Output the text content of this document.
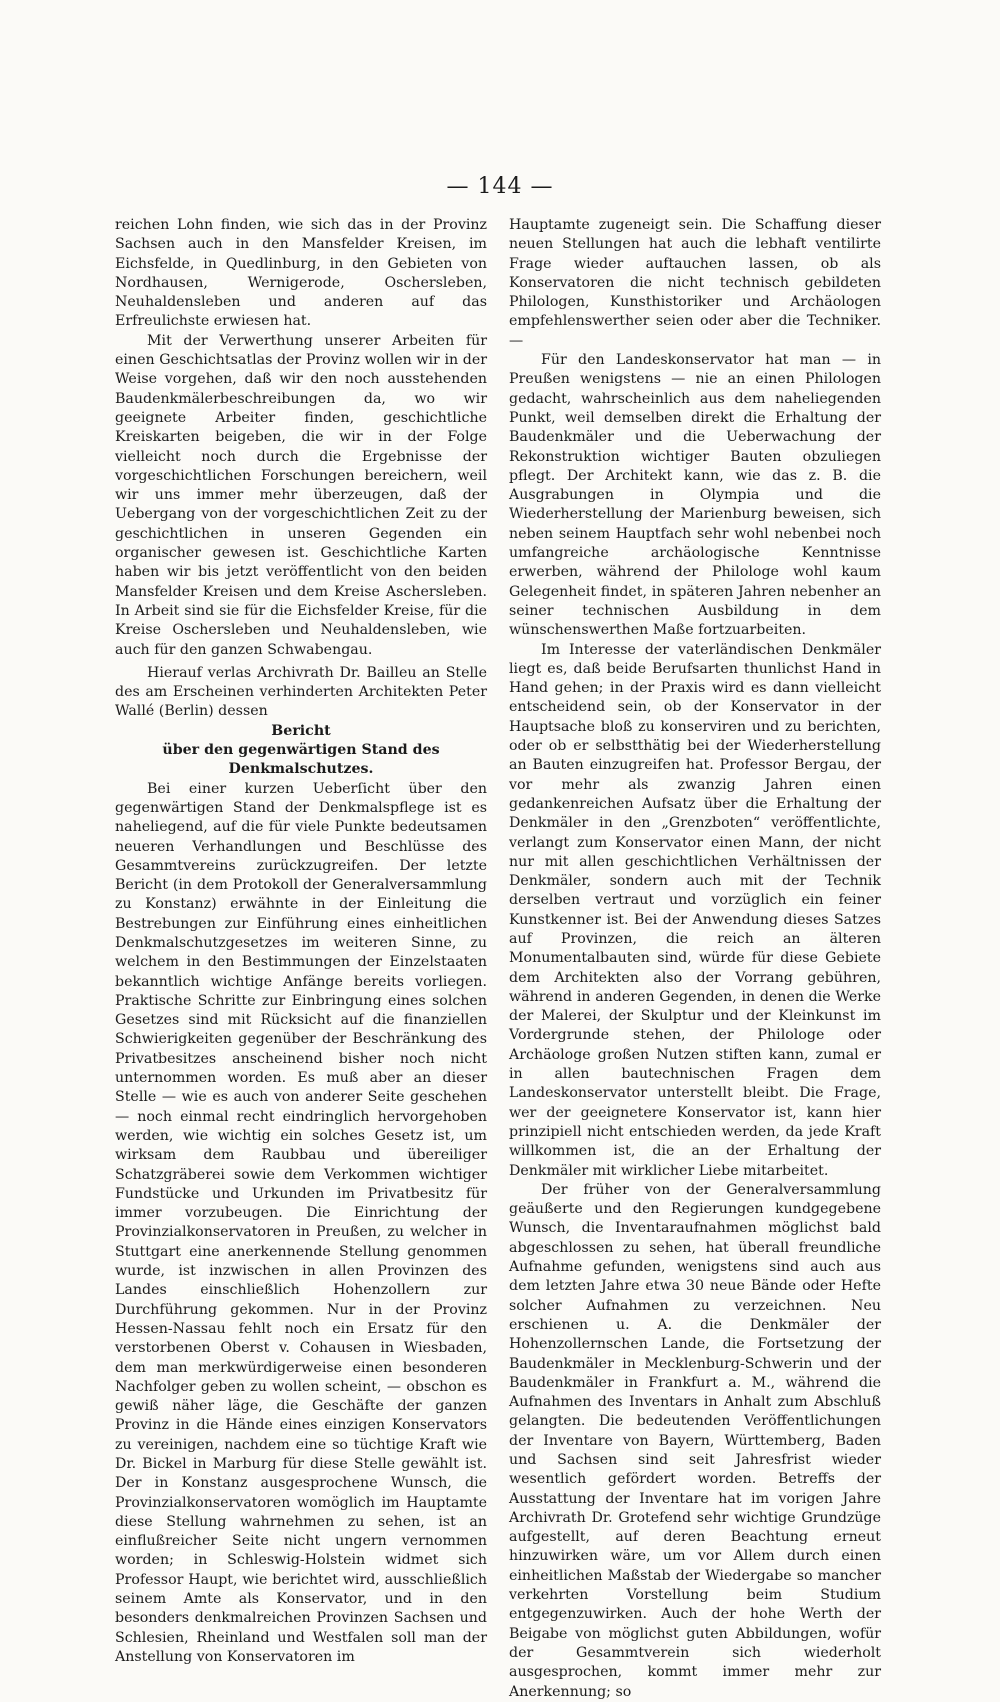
— 144 —

reichen Lohn finden, wie sich das in der Provinz Sachsen auch in den Mansfelder Kreisen, im Eichsfelde, in Quedlinburg, in den Gebieten von Nordhausen, Wernigerode, Oschersleben, Neuhaldensleben und anderen auf das Erfreulichste erwiesen hat.

Mit der Verwerthung unserer Arbeiten für einen Geschichtsatlas der Provinz wollen wir in der Weise vorgehen, daß wir den noch ausstehenden Baudenkmälerbeschreibungen da, wo wir geeignete Arbeiter finden, geschichtliche Kreiskarten beigeben, die wir in der Folge vielleicht noch durch die Ergebnisse der vorgeschichtlichen Forschungen bereichern, weil wir uns immer mehr überzeugen, daß der Uebergang von der vorgeschichtlichen Zeit zu der geschichtlichen in unseren Gegenden ein organischer gewesen ist. Geschichtliche Karten haben wir bis jetzt veröffentlicht von den beiden Mansfelder Kreisen und dem Kreise Aschersleben. In Arbeit sind sie für die Eichsfelder Kreise, für die Kreise Oschersleben und Neuhaldensleben, wie auch für den ganzen Schwabengau.

Hierauf verlas Archivrath Dr. Bailleu an Stelle des am Erscheinen verhinderten Architekten Peter Wallé (Berlin) dessen

Bericht

über den gegenwärtigen Stand des Denkmalschutzes.

Bei einer kurzen Ueberſicht über den gegenwärtigen Stand der Denkmalspflege ist es naheliegend, auf die für viele Punkte bedeutsamen neueren Verhandlungen und Beschlüsse des Gesammtvereins zurückzugreifen. Der letzte Bericht (in dem Protokoll der Generalversammlung zu Konstanz) erwähnte in der Einleitung die Bestrebungen zur Einführung eines einheitlichen Denkmalschutzgesetzes im weiteren Sinne, zu welchem in den Bestimmungen der Einzelstaaten bekanntlich wichtige Anfänge bereits vorliegen. Praktische Schritte zur Einbringung eines solchen Gesetzes sind mit Rücksicht auf die finanziellen Schwierigkeiten gegenüber der Beschränkung des Privatbesitzes anscheinend bisher noch nicht unternommen worden. Es muß aber an dieser Stelle — wie es auch von anderer Seite geschehen — noch einmal recht eindringlich hervorgehoben werden, wie wichtig ein solches Gesetz ist, um wirksam dem Raubbau und übereiliger Schatzgräberei sowie dem Verkommen wichtiger Fundstücke und Urkunden im Privatbesitz für immer vorzubeugen. Die Einrichtung der Provinzialkonservatoren in Preußen, zu welcher in Stuttgart eine anerkennende Stellung genommen wurde, ist inzwischen in allen Provinzen des Landes einschließlich Hohenzollern zur Durchführung gekommen. Nur in der Provinz Hessen-Nassau fehlt noch ein Ersatz für den verstorbenen Oberst v. Cohausen in Wiesbaden, dem man merkwürdigerweise einen besonderen Nachfolger geben zu wollen scheint, — obschon es gewiß näher läge, die Geschäfte der ganzen Provinz in die Hände eines einzigen Konservators zu vereinigen, nachdem eine so tüchtige Kraft wie Dr. Bickel in Marburg für diese Stelle gewählt ist. Der in Konstanz ausgesprochene Wunsch, die Provinzialkonservatoren womöglich im Hauptamte diese Stellung wahrnehmen zu sehen, ist an einflußreicher Seite nicht ungern vernommen worden; in Schleswig-Holstein widmet sich Professor Haupt, wie berichtet wird, ausschließlich seinem Amte als Konservator, und in den besonders denkmalreichen Provinzen Sachsen und Schlesien, Rheinland und Westfalen soll man der Anstellung von Konservatoren im

Hauptamte zugeneigt sein. Die Schaffung dieser neuen Stellungen hat auch die lebhaft ventilirte Frage wieder auftauchen lassen, ob als Konservatoren die nicht technisch gebildeten Philologen, Kunsthistoriker und Archäologen empfehlenswerther seien oder aber die Techniker. —

Für den Landeskonservator hat man — in Preußen wenigstens — nie an einen Philologen gedacht, wahrscheinlich aus dem naheliegenden Punkt, weil demselben direkt die Erhaltung der Baudenkmäler und die Ueberwachung der Rekonstruktion wichtiger Bauten obzuliegen pflegt. Der Architekt kann, wie das z. B. die Ausgrabungen in Olympia und die Wiederherstellung der Marienburg beweisen, sich neben seinem Hauptfach sehr wohl nebenbei noch umfangreiche archäologische Kenntnisse erwerben, während der Philologe wohl kaum Gelegenheit findet, in späteren Jahren nebenher an seiner technischen Ausbildung in dem wünschenswerthen Maße fortzuarbeiten.

Im Interesse der vaterländischen Denkmäler liegt es, daß beide Berufsarten thunlichst Hand in Hand gehen; in der Praxis wird es dann vielleicht entscheidend sein, ob der Konservator in der Hauptsache bloß zu konserviren und zu berichten, oder ob er selbstthätig bei der Wiederherstellung an Bauten einzugreifen hat. Professor Bergau, der vor mehr als zwanzig Jahren einen gedankenreichen Aufsatz über die Erhaltung der Denkmäler in den „Grenzboten“ veröffentlichte, verlangt zum Konservator einen Mann, der nicht nur mit allen geschichtlichen Verhältnissen der Denkmäler, sondern auch mit der Technik derselben vertraut und vorzüglich ein feiner Kunstkenner ist. Bei der Anwendung dieses Satzes auf Provinzen, die reich an älteren Monumentalbauten sind, würde für diese Gebiete dem Architekten also der Vorrang gebühren, während in anderen Gegenden, in denen die Werke der Malerei, der Skulptur und der Kleinkunst im Vordergrunde stehen, der Philologe oder Archäologe großen Nutzen stiften kann, zumal er in allen bautechnischen Fragen dem Landeskonservator unterstellt bleibt. Die Frage, wer der geeignetere Konservator ist, kann hier prinzipiell nicht entschieden werden, da jede Kraft willkommen ist, die an der Erhaltung der Denkmäler mit wirklicher Liebe mitarbeitet.

Der früher von der Generalversammlung geäußerte und den Regierungen kundgegebene Wunsch, die Inventaraufnahmen möglichst bald abgeschlossen zu sehen, hat überall freundliche Aufnahme gefunden, wenigstens sind auch aus dem letzten Jahre etwa 30 neue Bände oder Hefte solcher Aufnahmen zu verzeichnen. Neu erschienen u. A. die Denkmäler der Hohenzollernschen Lande, die Fortsetzung der Baudenkmäler in Mecklenburg-Schwerin und der Baudenkmäler in Frankfurt a. M., während die Aufnahmen des Inventars in Anhalt zum Abschluß gelangten. Die bedeutenden Veröffentlichungen der Inventare von Bayern, Württemberg, Baden und Sachsen sind seit Jahresfrist wieder wesentlich gefördert worden. Betreffs der Ausstattung der Inventare hat im vorigen Jahre Archivrath Dr. Grotefend sehr wichtige Grundzüge aufgestellt, auf deren Beachtung erneut hinzuwirken wäre, um vor Allem durch einen einheitlichen Maßstab der Wiedergabe so mancher verkehrten Vorstellung beim Studium entgegenzuwirken. Auch der hohe Werth der Beigabe von möglichst guten Abbildungen, wofür der Gesammtverein sich wiederholt ausgesprochen, kommt immer mehr zur Anerkennung; so
